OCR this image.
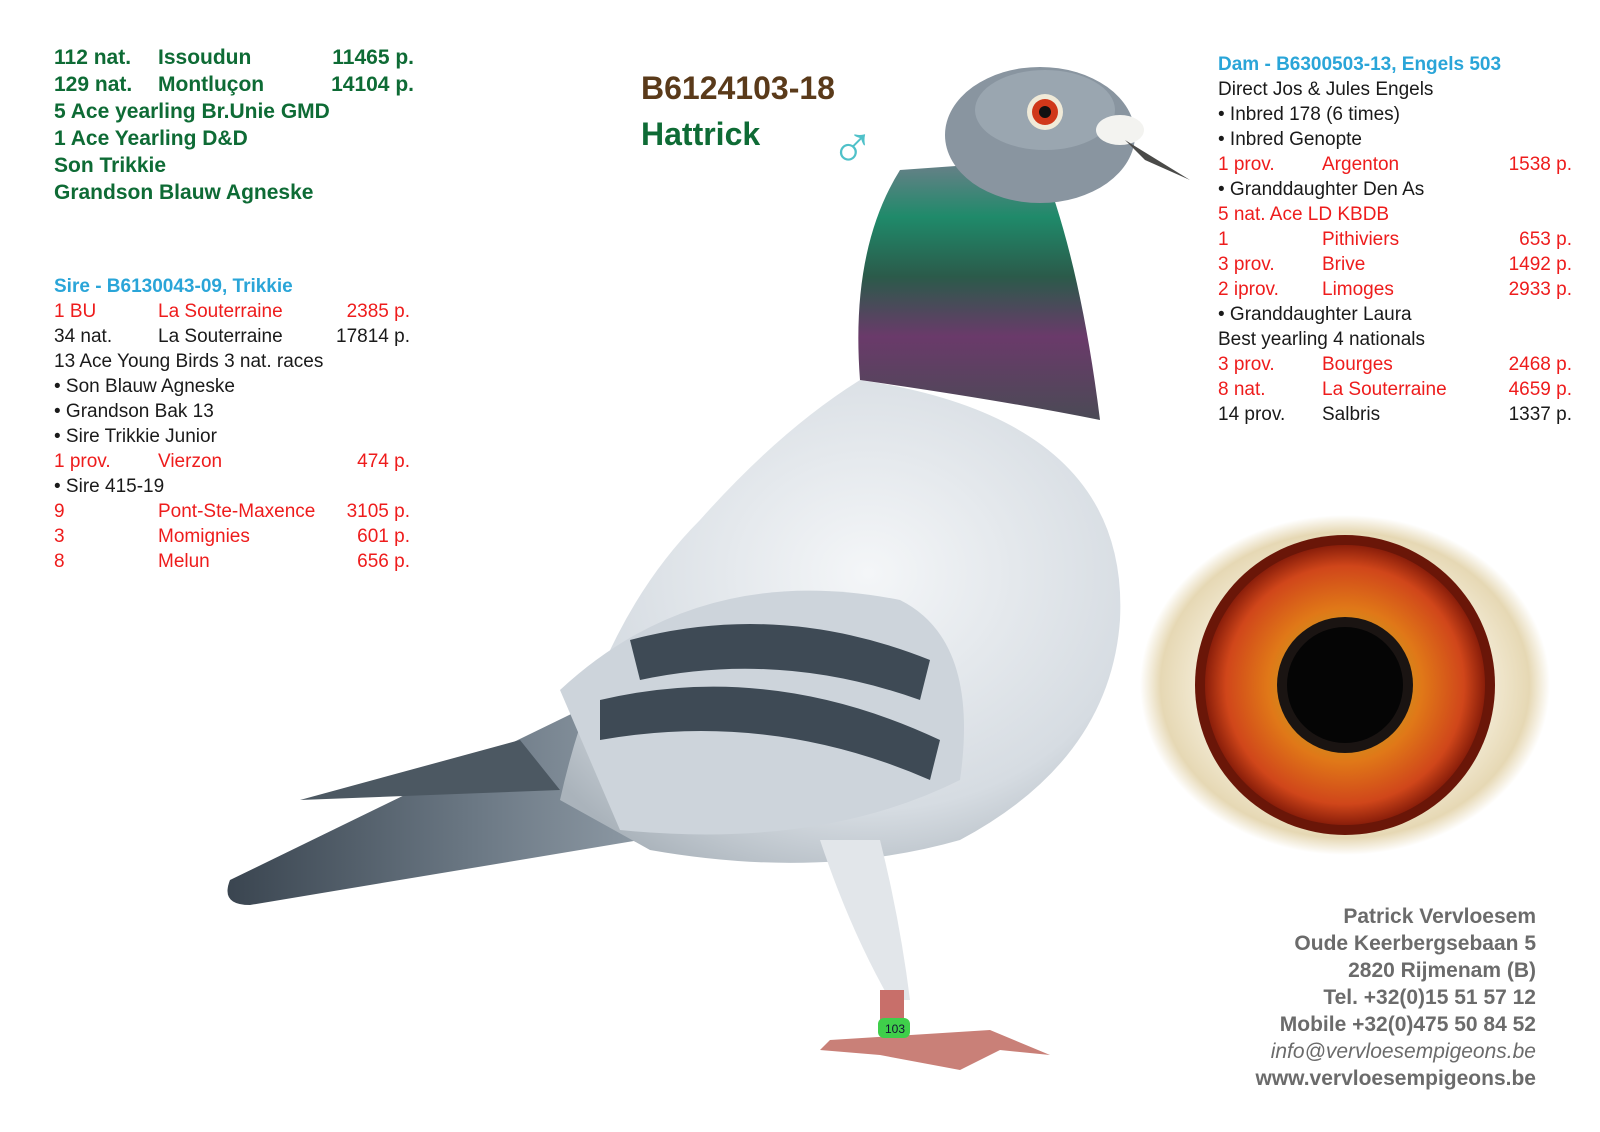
103
B6124103-18
Hattrick ♂
112 nat. Issoudun	11465 p.
129 nat. Montluçon	14104 p.
5 Ace yearling Br.Unie GMD
1 Ace Yearling D&D
Son Trikkie
Grandson Blauw Agneske
Sire - B6130043-09, Trikkie
1 BU	La Souterraine	2385 p.
34 nat. La Souterraine	17814 p.
13 Ace Young Birds 3 nat. races
• Son Blauw Agneske
• Grandson Bak 13
• Sire Trikkie Junior
1 prov. Vierzon	474 p.
• Sire 415-19
9	Pont-Ste-Maxence 3105 p.
3	Momignies	601 p.
8	Melun	656 p.
Dam - B6300503-13, Engels 503
Direct Jos & Jules Engels
• Inbred 178 (6 times)
• Inbred Genopte
1 prov. Argenton	1538 p.
• Granddaughter Den As
5 nat. Ace LD KBDB
1	Pithiviers	653 p.
3 prov. Brive	1492 p.
2 iprov. Limoges	2933 p.
• Granddaughter Laura
Best yearling 4 nationals
3 prov. Bourges	2468 p.
8 nat.	La Souterraine	4659 p.
14 prov. Salbris	1337 p.
Patrick Vervloesem
Oude Keerbergsebaan 5
2820 Rijmenam (B)
Tel. +32(0)15 51 57 12
Mobile +32(0)475 50 84 52
info@vervloesempigeons.be
www.vervloesempigeons.be
